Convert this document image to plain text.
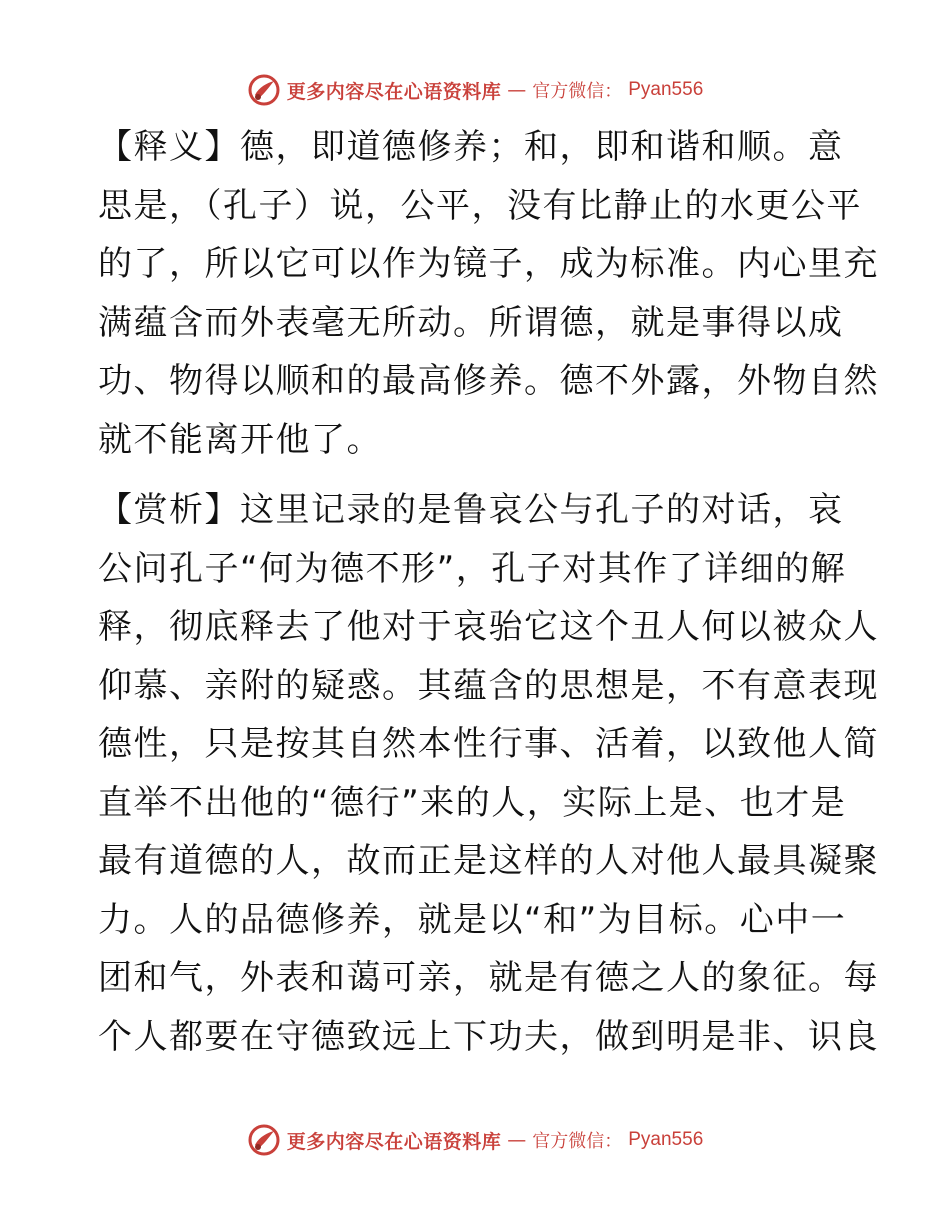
更多内容尽在心语资料库 — 官方微信： Pyan556

【释义】德，即道德修养；和，即和谐和顺。意
思是，（孔子）说，公平，没有比静止的水更公平
的了，所以它可以作为镜子，成为标准。内心里充
满蕴含而外表毫无所动。所谓德，就是事得以成
功、物得以顺和的最高修养。德不外露，外物自然
就不能离开他了。

【赏析】这里记录的是鲁哀公与孔子的对话，哀
公问孔子“何为德不形”，孔子对其作了详细的解
释，彻底释去了他对于哀骀它这个丑人何以被众人
仰慕、亲附的疑惑。其蕴含的思想是，不有意表现
德性，只是按其自然本性行事、活着，以致他人简
直举不出他的“德行”来的人，实际上是、也才是
最有道德的人，故而正是这样的人对他人最具凝聚
力。人的品德修养，就是以“和”为目标。心中一
团和气，外表和蔼可亲，就是有德之人的象征。每
个人都要在守德致远上下功夫，做到明是非、识良

更多内容尽在心语资料库 — 官方微信： Pyan556
